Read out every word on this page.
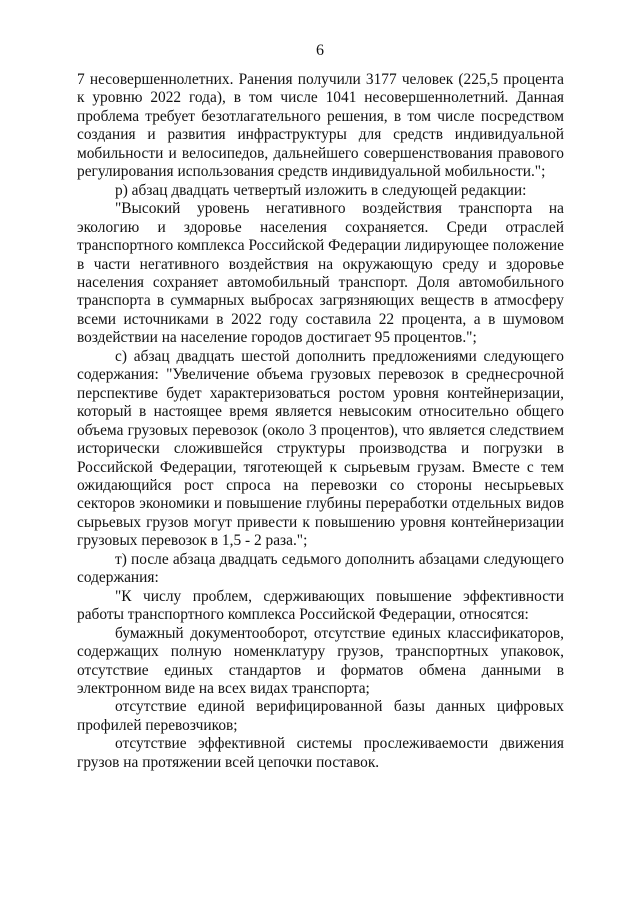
6

7 несовершеннолетних. Ранения получили 3177 человек (225,5 процента к уровню 2022 года), в том числе 1041 несовершеннолетний. Данная проблема требует безотлагательного решения, в том числе посредством создания и развития инфраструктуры для средств индивидуальной мобильности и велосипедов, дальнейшего совершенствования правового регулирования использования средств индивидуальной мобильности.";

р) абзац двадцать четвертый изложить в следующей редакции:

"Высокий уровень негативного воздействия транспорта на экологию и здоровье населения сохраняется. Среди отраслей транспортного комплекса Российской Федерации лидирующее положение в части негативного воздействия на окружающую среду и здоровье населения сохраняет автомобильный транспорт. Доля автомобильного транспорта в суммарных выбросах загрязняющих веществ в атмосферу всеми источниками в 2022 году составила 22 процента, а в шумовом воздействии на население городов достигает 95 процентов.";

с) абзац двадцать шестой дополнить предложениями следующего содержания: "Увеличение объема грузовых перевозок в среднесрочной перспективе будет характеризоваться ростом уровня контейнеризации, который в настоящее время является невысоким относительно общего объема грузовых перевозок (около 3 процентов), что является следствием исторически сложившейся структуры производства и погрузки в Российской Федерации, тяготеющей к сырьевым грузам. Вместе с тем ожидающийся рост спроса на перевозки со стороны несырьевых секторов экономики и повышение глубины переработки отдельных видов сырьевых грузов могут привести к повышению уровня контейнеризации грузовых перевозок в 1,5 - 2 раза.";

т) после абзаца двадцать седьмого дополнить абзацами следующего содержания:

"К числу проблем, сдерживающих повышение эффективности работы транспортного комплекса Российской Федерации, относятся:

бумажный документооборот, отсутствие единых классификаторов, содержащих полную номенклатуру грузов, транспортных упаковок, отсутствие единых стандартов и форматов обмена данными в электронном виде на всех видах транспорта;

отсутствие единой верифицированной базы данных цифровых профилей перевозчиков;

отсутствие эффективной системы прослеживаемости движения грузов на протяжении всей цепочки поставок.
